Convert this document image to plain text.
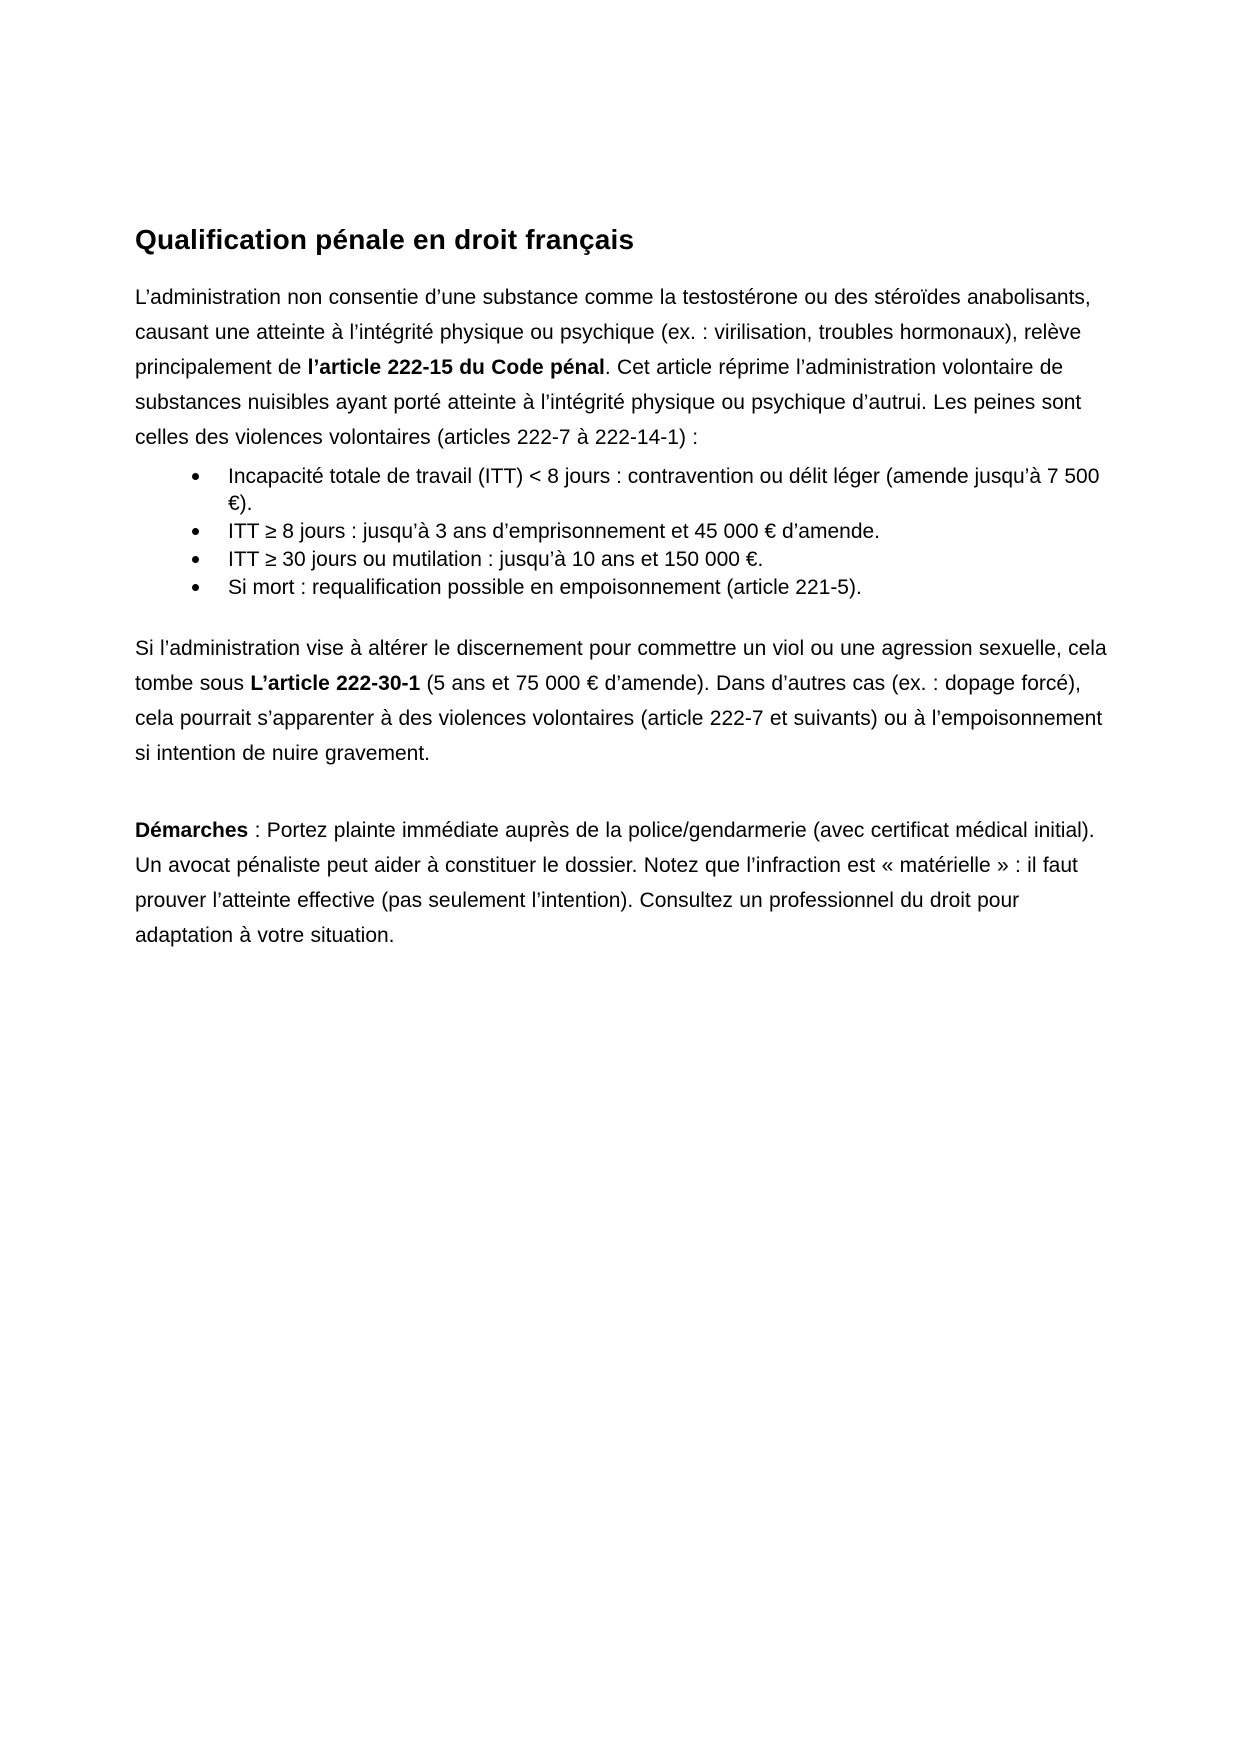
Qualification pénale en droit français

L’administration non consentie d’une substance comme la testostérone ou des stéroïdes anabolisants, causant une atteinte à l’intégrité physique ou psychique (ex. : virilisation, troubles hormonaux), relève principalement de l’article 222-15 du Code pénal. Cet article réprime l’administration volontaire de substances nuisibles ayant porté atteinte à l’intégrité physique ou psychique d’autrui. Les peines sont celles des violences volontaires (articles 222-7 à 222-14-1) :

Incapacité totale de travail (ITT) < 8 jours : contravention ou délit léger (amende jusqu’à 7 500 €).
ITT ≥ 8 jours : jusqu’à 3 ans d’emprisonnement et 45 000 € d’amende.
ITT ≥ 30 jours ou mutilation : jusqu’à 10 ans et 150 000 €.
Si mort : requalification possible en empoisonnement (article 221-5).

Si l’administration vise à altérer le discernement pour commettre un viol ou une agression sexuelle, cela tombe sous L’article 222-30-1 (5 ans et 75 000 € d’amende). Dans d’autres cas (ex. : dopage forcé), cela pourrait s’apparenter à des violences volontaires (article 222-7 et suivants) ou à l’empoisonnement si intention de nuire gravement.

Démarches : Portez plainte immédiate auprès de la police/gendarmerie (avec certificat médical initial). Un avocat pénaliste peut aider à constituer le dossier. Notez que l’infraction est « matérielle » : il faut prouver l’atteinte effective (pas seulement l’intention). Consultez un professionnel du droit pour adaptation à votre situation.
